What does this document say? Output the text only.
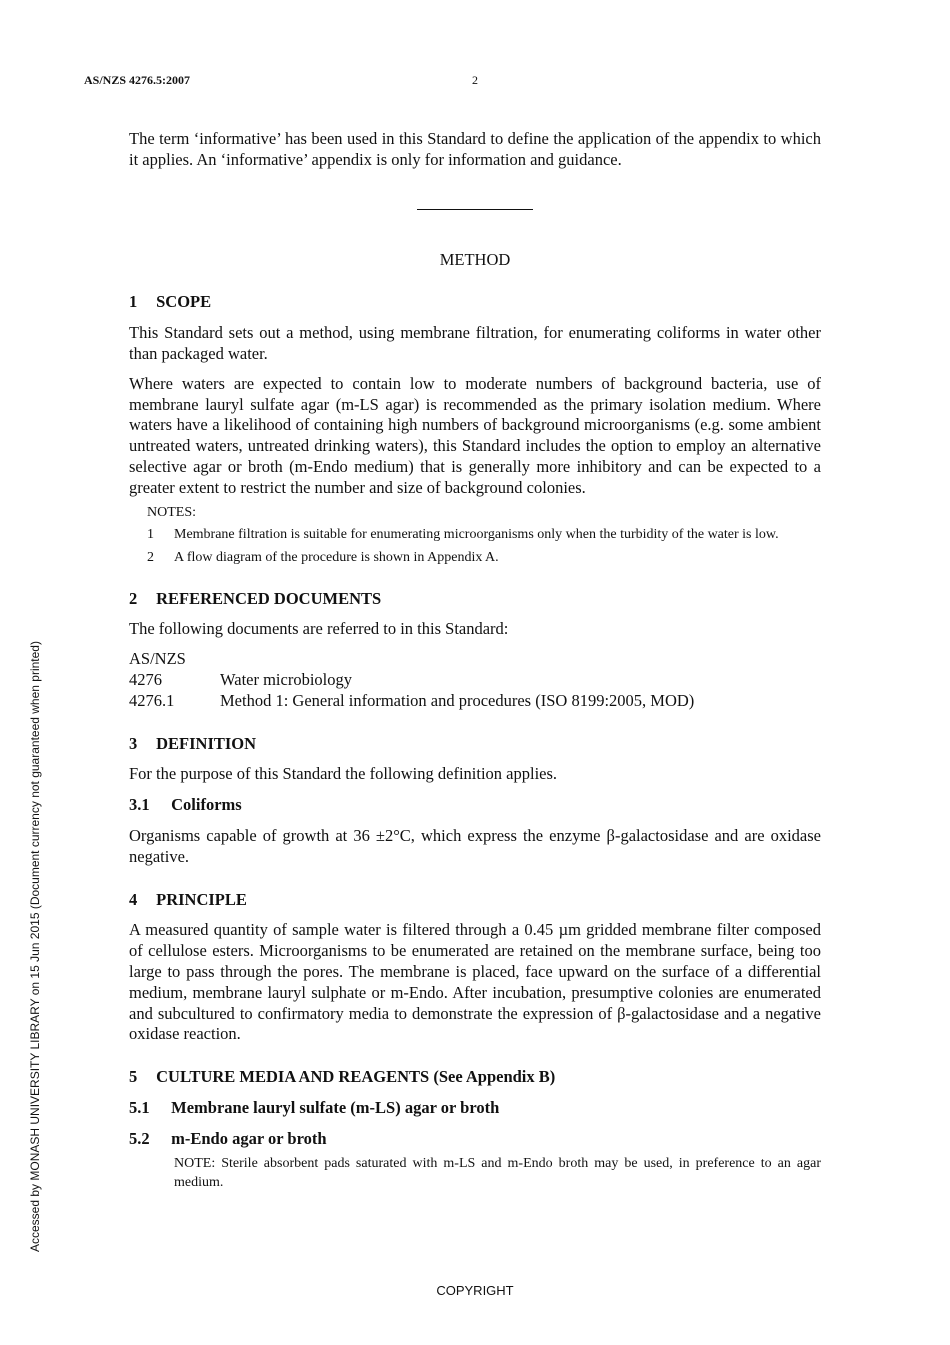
AS/NZS 4276.5:2007	2
Accessed by MONASH UNIVERSITY LIBRARY on 15 Jun 2015 (Document currency not guaranteed when printed)

The term ‘informative’ has been used in this Standard to define the application of the appendix to which it applies. An ‘informative’ appendix is only for information and guidance.

METHOD
1 SCOPE

This Standard sets out a method, using membrane filtration, for enumerating coliforms in water other than packaged water.

Where waters are expected to contain low to moderate numbers of background bacteria, use of membrane lauryl sulfate agar (m-LS agar) is recommended as the primary isolation medium. Where waters have a likelihood of containing high numbers of background microorganisms (e.g. some ambient untreated waters, untreated drinking waters), this Standard includes the option to employ an alternative selective agar or broth (m-Endo medium) that is generally more inhibitory and can be expected to a greater extent to restrict the number and size of background colonies.

NOTES:
1	Membrane filtration is suitable for enumerating microorganisms only when the turbidity of the water is low.
2	A flow diagram of the procedure is shown in Appendix A.
2 REFERENCED DOCUMENTS

The following documents are referred to in this Standard:

AS/NZS
4276	Water microbiology
4276.1	Method 1: General information and procedures (ISO 8199:2005, MOD)
3 DEFINITION

For the purpose of this Standard the following definition applies.

3.1 Coliforms

Organisms capable of growth at 36 ±2°C, which express the enzyme β-galactosidase and are oxidase negative.

4 PRINCIPLE

A measured quantity of sample water is filtered through a 0.45 µm gridded membrane filter composed of cellulose esters. Microorganisms to be enumerated are retained on the membrane surface, being too large to pass through the pores. The membrane is placed, face upward on the surface of a differential medium, membrane lauryl sulphate or m-Endo. After incubation, presumptive colonies are enumerated and subcultured to confirmatory media to demonstrate the expression of β-galactosidase and a negative oxidase reaction.

5 CULTURE MEDIA AND REAGENTS (See Appendix B)
5.1 Membrane lauryl sulfate (m-LS) agar or broth
5.2 m-Endo agar or broth
NOTE: Sterile absorbent pads saturated with m-LS and m-Endo broth may be used, in preference to an agar medium.
COPYRIGHT
